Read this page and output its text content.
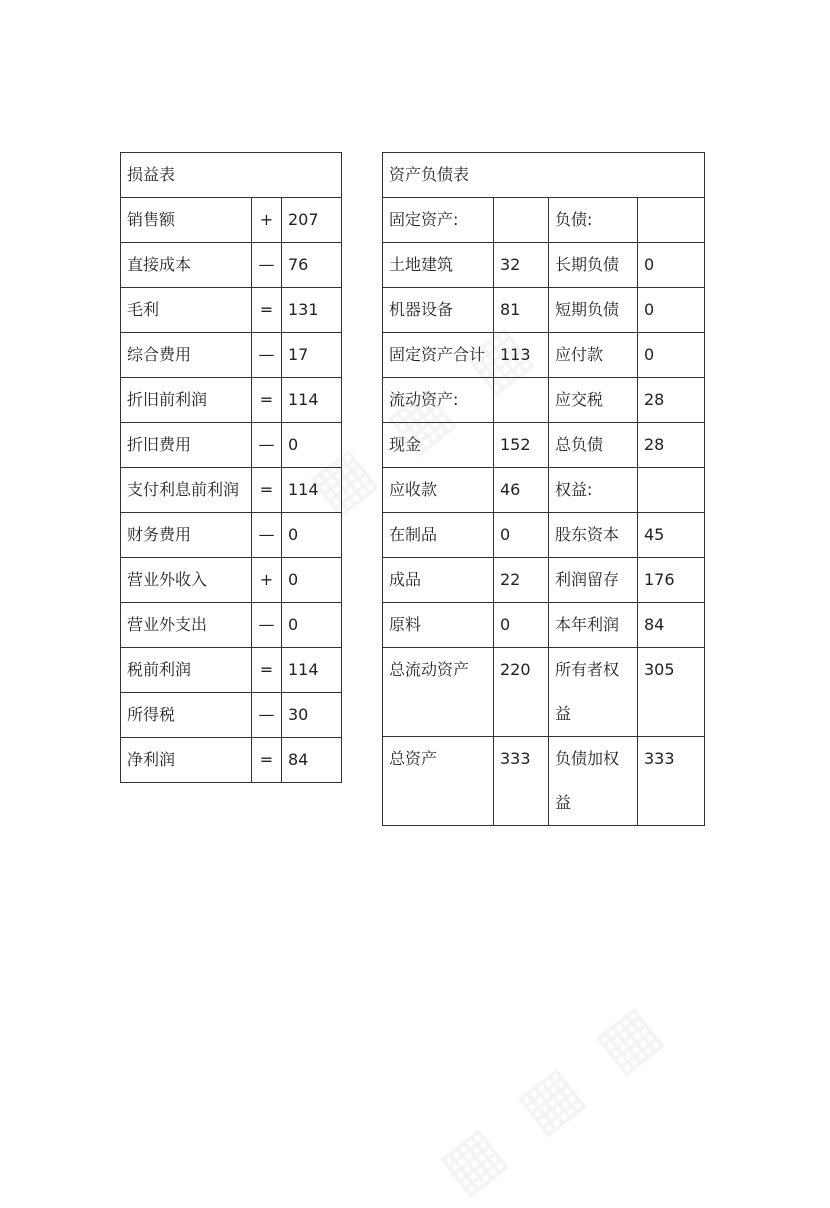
损益表		
销售额	+	207
直接成本	—	76
毛利	=	131
综合费用	—	17
折旧前利润	=	114
折旧费用	—	0
支付利息前利润	=	114
财务费用	—	0
营业外收入	+	0
营业外支出	—	0
税前利润	=	114
所得税	—	30
净利润	=	84
资产负债表			
固定资产:		负债:	
土地建筑	32	长期负债	0
机器设备	81	短期负债	0
固定资产合计	113	应付款	0
流动资产:		应交税	28
现金	152	总负债	28
应收款	46	权益:	
在制品	0	股东资本	45
成品	22	利润留存	176
原料	0	本年利润	84
总流动资产	220	所有者权益	305
总资产	333	负债加权益	333
